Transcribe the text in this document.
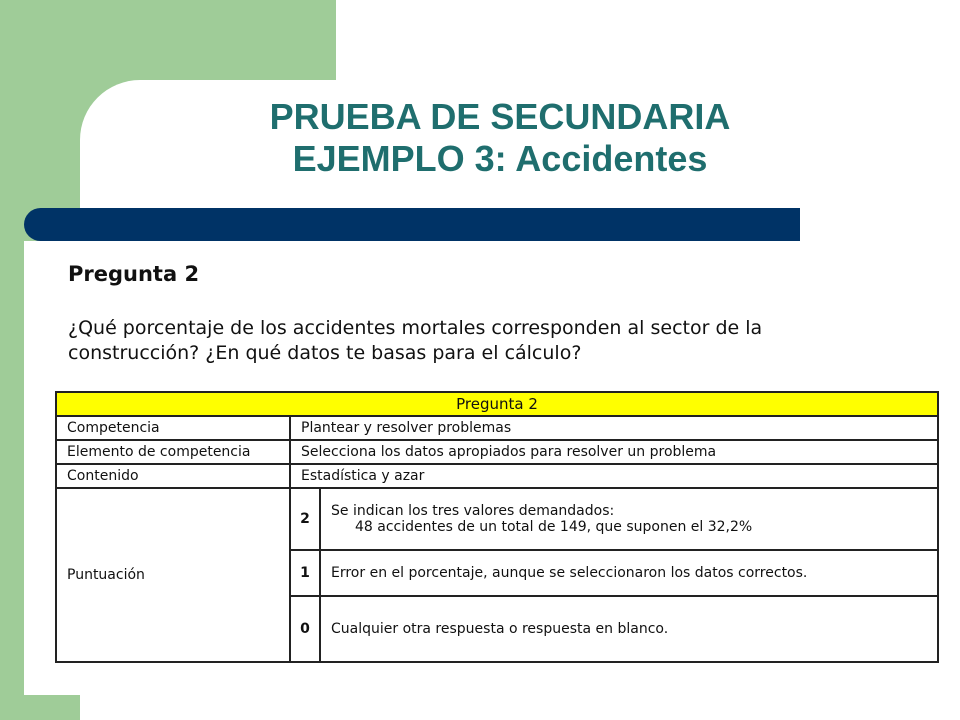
PRUEBA DE SECUNDARIA
EJEMPLO 3: Accidentes
Pregunta 2
¿Qué porcentaje de los accidentes mortales corresponden al sector de la construcción? ¿En qué datos te basas para el cálculo?
Pregunta 2		
Competencia	Plantear y resolver problemas	
Elemento de competencia	Selecciona los datos apropiados para resolver un problema	
Contenido	Estadística y azar	
Puntuación	2	Se indican los tres valores demandados:
48 accidentes de un total de 149, que suponen el 32,2%

	1	Error en el porcentaje, aunque se seleccionaron los datos correctos.
	0	Cualquier otra respuesta o respuesta en blanco.
